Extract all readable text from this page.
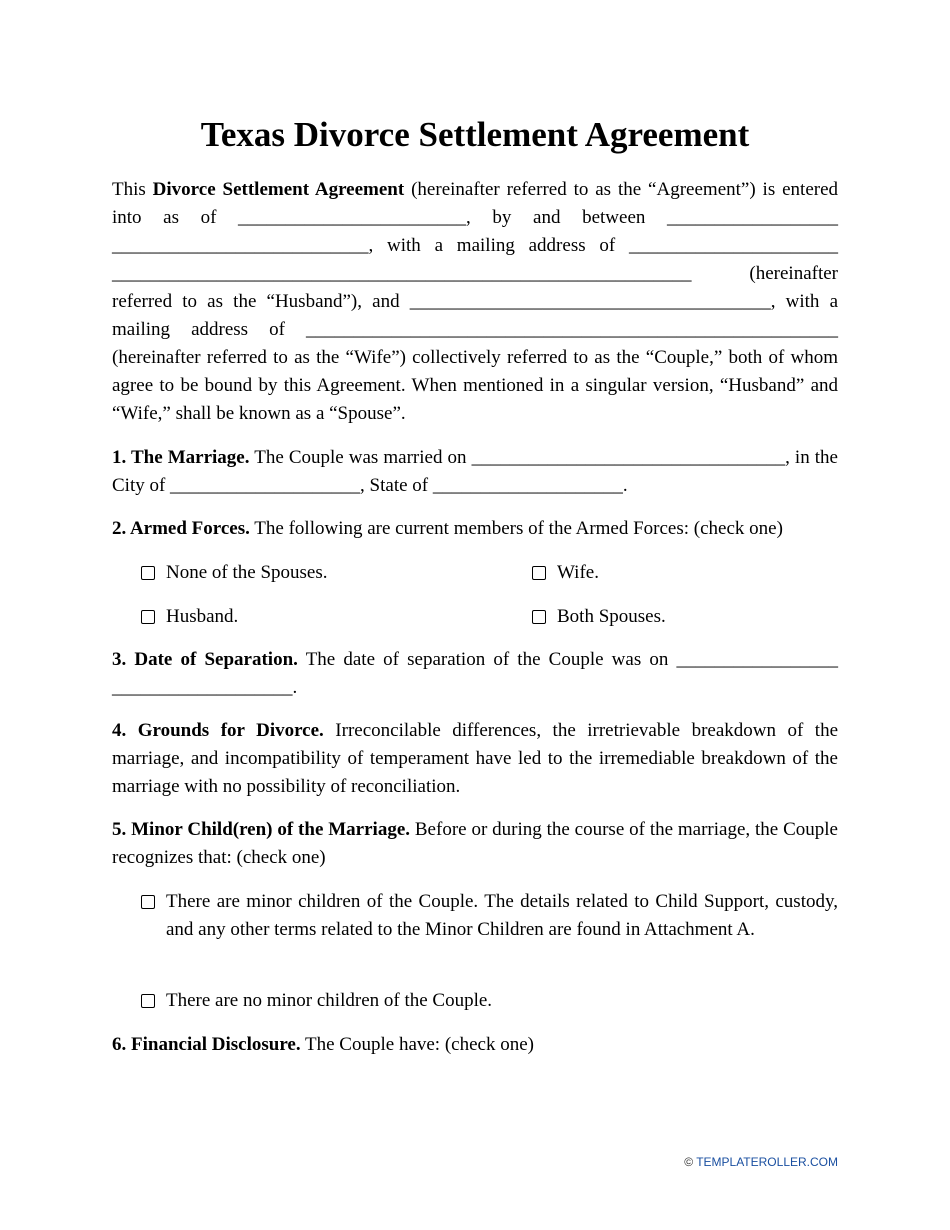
Texas Divorce Settlement Agreement

This Divorce Settlement Agreement (hereinafter referred to as the “Agreement”) is entered into as of ________________________, by and between __________________ ___________________________, with a mailing address of ______________________ _____________________________________________________________ (hereinafter referred to as the “Husband”), and ______________________________________, with a mailing address of ________________________________________________________ (hereinafter referred to as the “Wife”) collectively referred to as the “Couple,” both of whom agree to be bound by this Agreement. When mentioned in a singular version, “Husband” and “Wife,” shall be known as a “Spouse”.

1. The Marriage. The Couple was married on _________________________________, in the City of ____________________, State of ____________________.

2. Armed Forces. The following are current members of the Armed Forces: (check one)

None of the Spouses.	Wife.
Husband.	Both Spouses.

3. Date of Separation. The date of separation of the Couple was on _________________ ___________________.

4. Grounds for Divorce. Irreconcilable differences, the irretrievable breakdown of the marriage, and incompatibility of temperament have led to the irremediable breakdown of the marriage with no possibility of reconciliation.

5. Minor Child(ren) of the Marriage. Before or during the course of the marriage, the Couple recognizes that: (check one)

There are minor children of the Couple. The details related to Child Support, custody, and any other terms related to the Minor Children are found in Attachment A.
There are no minor children of the Couple.

6. Financial Disclosure. The Couple have: (check one)

© TEMPLATEROLLER.COM
